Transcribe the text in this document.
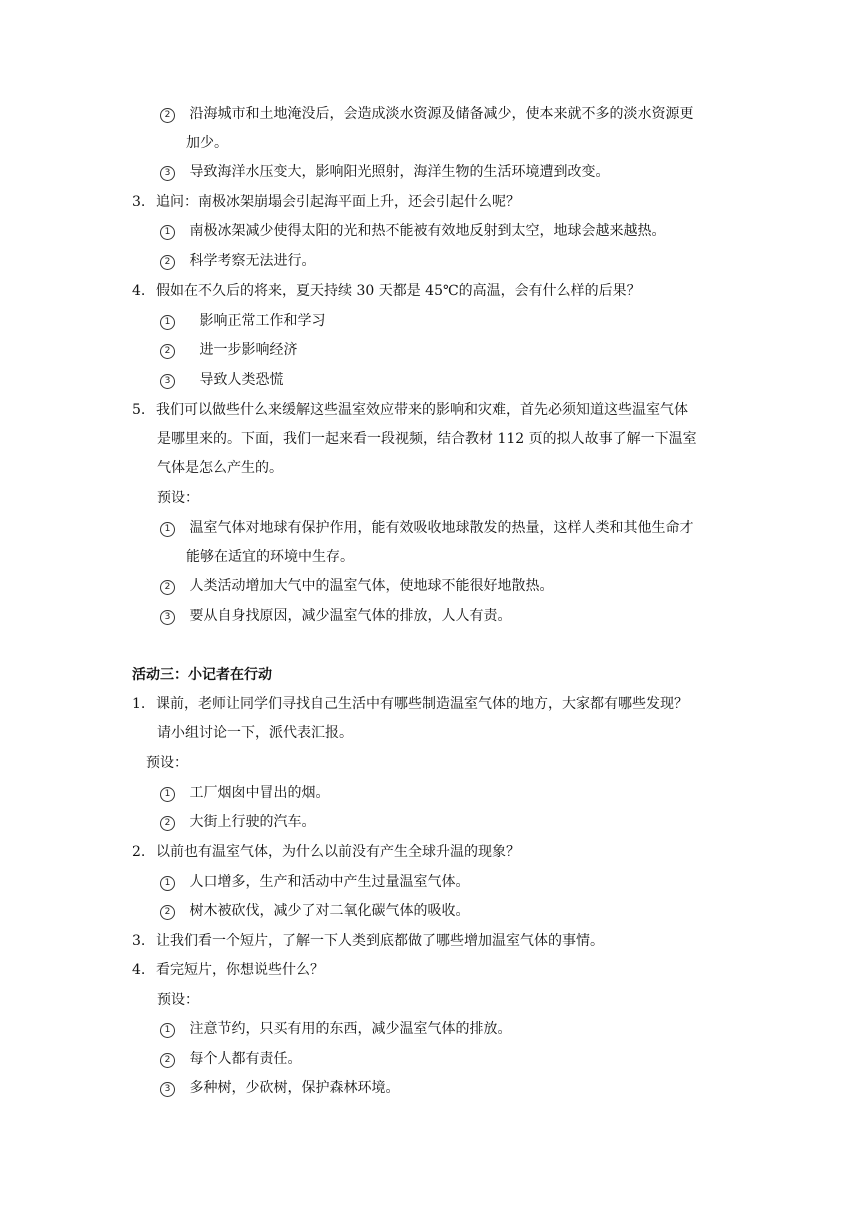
2 沿海城市和土地淹没后，会造成淡水资源及储备减少，使本来就不多的淡水资源更
加少。
3 导致海洋水压变大，影响阳光照射，海洋生物的生活环境遭到改变。
3. 追问：南极冰架崩塌会引起海平面上升，还会引起什么呢？
1 南极冰架减少使得太阳的光和热不能被有效地反射到太空，地球会越来越热。
2 科学考察无法进行。
4. 假如在不久后的将来，夏天持续 30 天都是 45℃的高温，会有什么样的后果？
1 影响正常工作和学习
2 进一步影响经济
3 导致人类恐慌
5. 我们可以做些什么来缓解这些温室效应带来的影响和灾难，首先必须知道这些温室气体
是哪里来的。下面，我们一起来看一段视频，结合教材 112 页的拟人故事了解一下温室
气体是怎么产生的。
预设：
1 温室气体对地球有保护作用，能有效吸收地球散发的热量，这样人类和其他生命才
能够在适宜的环境中生存。
2 人类活动增加大气中的温室气体，使地球不能很好地散热。
3 要从自身找原因，减少温室气体的排放，人人有责。
活动三：小记者在行动
1. 课前，老师让同学们寻找自己生活中有哪些制造温室气体的地方，大家都有哪些发现？
请小组讨论一下，派代表汇报。
预设：
1 工厂烟囱中冒出的烟。
2 大街上行驶的汽车。
2. 以前也有温室气体，为什么以前没有产生全球升温的现象？
1 人口增多，生产和活动中产生过量温室气体。
2 树木被砍伐，减少了对二氧化碳气体的吸收。
3. 让我们看一个短片，了解一下人类到底都做了哪些增加温室气体的事情。
4. 看完短片，你想说些什么？
预设：
1 注意节约，只买有用的东西，减少温室气体的排放。
2 每个人都有责任。
3 多种树，少砍树，保护森林环境。
